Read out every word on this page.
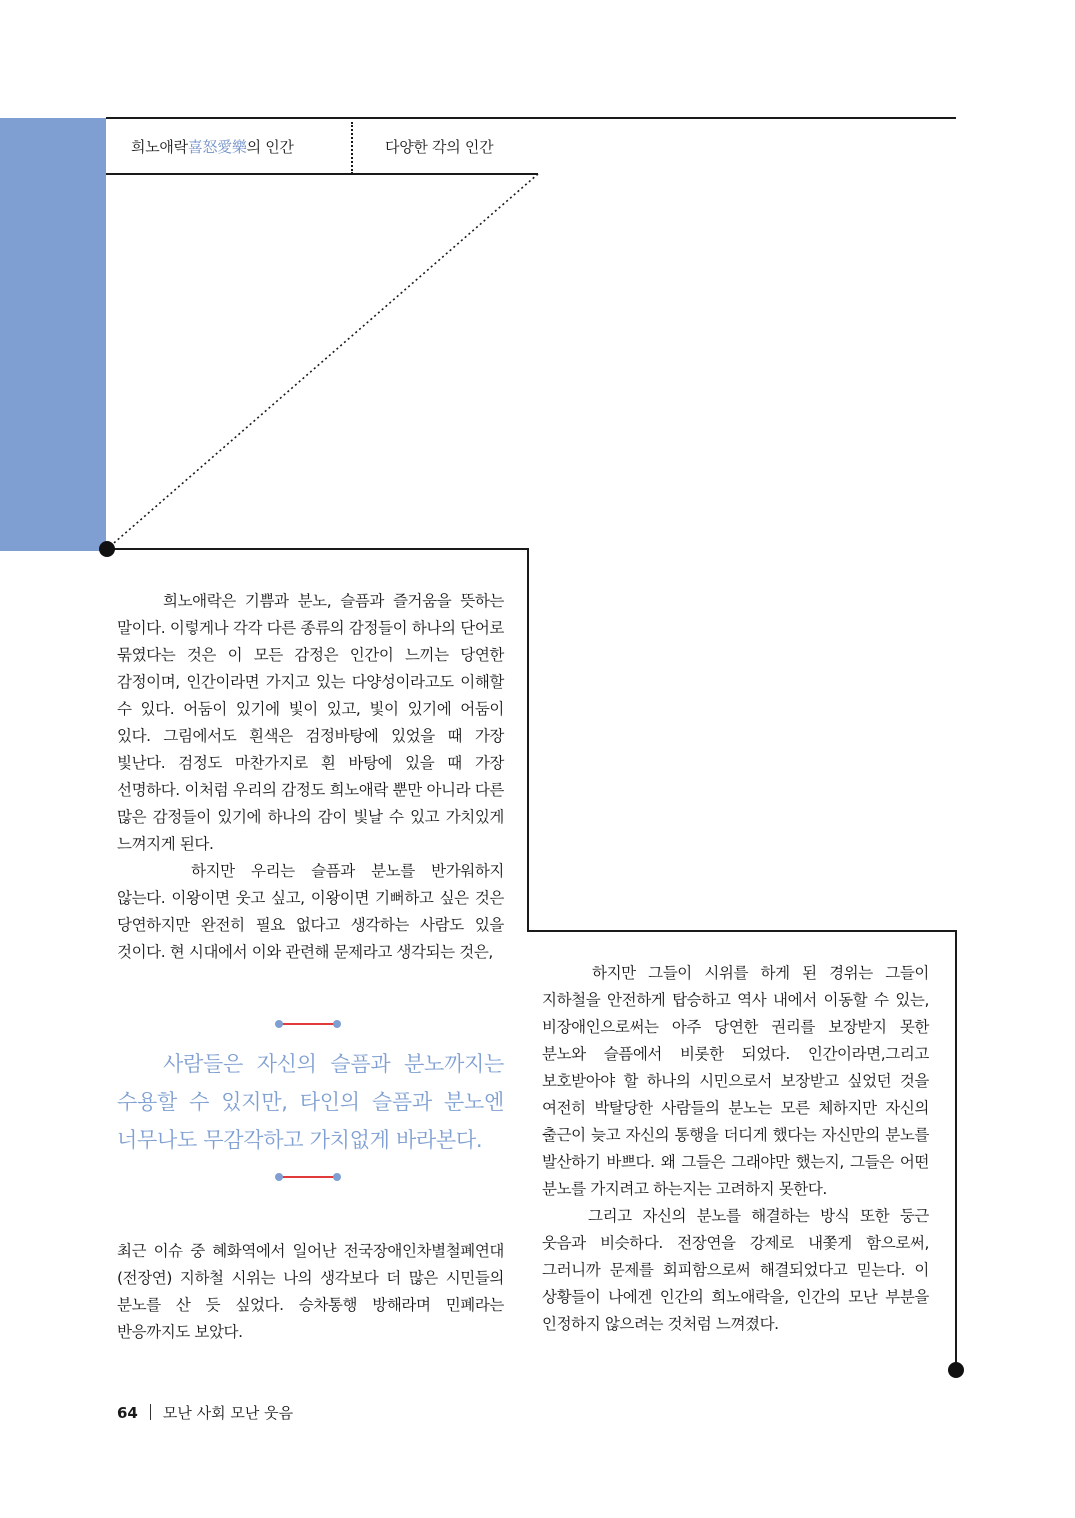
희노애락喜怒愛樂의 인간	다양한 각의 인간

희노애락은 기쁨과 분노, 슬픔과 즐거움을 뜻하는 말이다. 이렇게나 각각 다른 종류의 감정들이 하나의 단어로 묶였다는 것은 이 모든 감정은 인간이 느끼는 당연한 감정이며, 인간이라면 가지고 있는 다양성이라고도 이해할 수 있다. 어둠이 있기에 빛이 있고, 빛이 있기에 어둠이 있다. 그림에서도 흰색은 검정바탕에 있었을 때 가장 빛난다. 검정도 마찬가지로 흰 바탕에 있을 때 가장 선명하다. 이처럼 우리의 감정도 희노애락 뿐만 아니라 다른 많은 감정들이 있기에 하나의 감이 빛날 수 있고 가치있게 느껴지게 된다.

하지만 우리는 슬픔과 분노를 반가워하지 않는다. 이왕이면 웃고 싶고, 이왕이면 기뻐하고 싶은 것은 당연하지만 완전히 필요 없다고 생각하는 사람도 있을 것이다. 현 시대에서 이와 관련해 문제라고 생각되는 것은,

사람들은 자신의 슬픔과 분노까지는 수용할 수 있지만, 타인의 슬픔과 분노엔 너무나도 무감각하고 가치없게 바라본다.

최근 이슈 중 혜화역에서 일어난 전국장애인차별철폐연대(전장연) 지하철 시위는 나의 생각보다 더 많은 시민들의 분노를 산 듯 싶었다. 승차통행 방해라며 민폐라는 반응까지도 보았다.

하지만 그들이 시위를 하게 된 경위는 그들이 지하철을 안전하게 탑승하고 역사 내에서 이동할 수 있는, 비장애인으로써는 아주 당연한 권리를 보장받지 못한 분노와 슬픔에서 비롯한 되었다. 인간이라면,그리고 보호받아야 할 하나의 시민으로서 보장받고 싶었던 것을 여전히 박탈당한 사람들의 분노는 모른 체하지만 자신의 출근이 늦고 자신의 통행을 더디게 했다는 자신만의 분노를 발산하기 바쁘다. 왜 그들은 그래야만 했는지, 그들은 어떤 분노를 가지려고 하는지는 고려하지 못한다.

그리고 자신의 분노를 해결하는 방식 또한 둥근 웃음과 비슷하다. 전장연을 강제로 내쫓게 함으로써, 그러니까 문제를 회피함으로써 해결되었다고 믿는다. 이 상황들이 나에겐 인간의 희노애락을, 인간의 모난 부분을 인정하지 않으려는 것처럼 느껴졌다.

64 모난 사회 모난 웃음
